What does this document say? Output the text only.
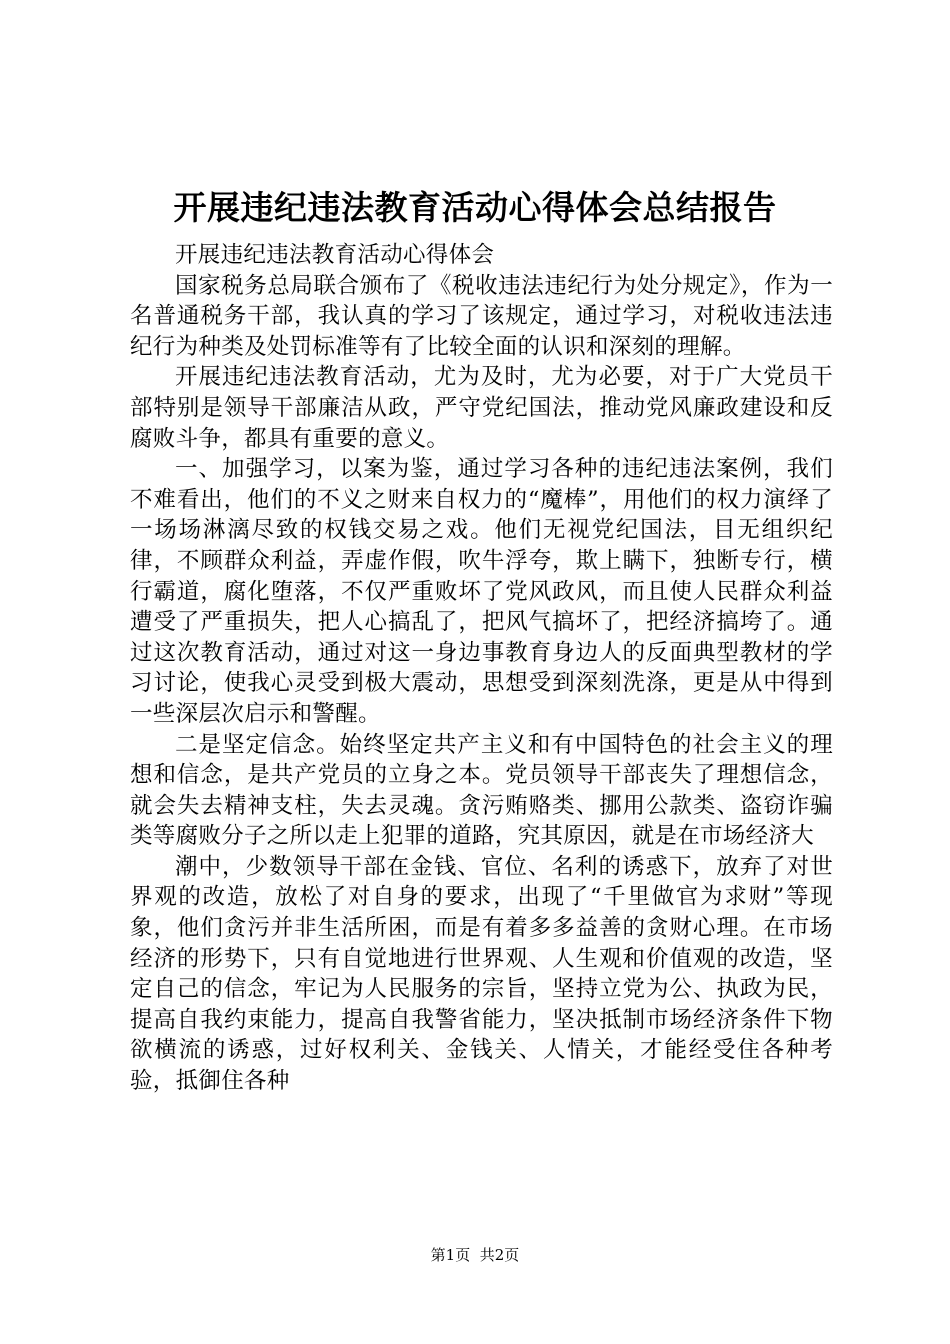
开展违纪违法教育活动心得体会总结报告

开展违纪违法教育活动心得体会

国家税务总局联合颁布了《税收违法违纪行为处分规定》，作为一名普通税务干部，我认真的学习了该规定，通过学习，对税收违法违纪行为种类及处罚标准等有了比较全面的认识和深刻的理解。

开展违纪违法教育活动，尤为及时，尤为必要，对于广大党员干部特别是领导干部廉洁从政，严守党纪国法，推动党风廉政建设和反腐败斗争，都具有重要的意义。

一、加强学习，以案为鉴，通过学习各种的违纪违法案例，我们不难看出，他们的不义之财来自权力的“魔棒”，用他们的权力演绎了一场场淋漓尽致的权钱交易之戏。他们无视党纪国法，目无组织纪律，不顾群众利益，弄虚作假，吹牛浮夸，欺上瞒下，独断专行，横行霸道，腐化堕落，不仅严重败坏了党风政风，而且使人民群众利益遭受了严重损失，把人心搞乱了，把风气搞坏了，把经济搞垮了。通过这次教育活动，通过对这一身边事教育身边人的反面典型教材的学习讨论，使我心灵受到极大震动，思想受到深刻洗涤，更是从中得到一些深层次启示和警醒。

二是坚定信念。始终坚定共产主义和有中国特色的社会主义的理想和信念，是共产党员的立身之本。党员领导干部丧失了理想信念，就会失去精神支柱，失去灵魂。贪污贿赂类、挪用公款类、盗窃诈骗类等腐败分子之所以走上犯罪的道路，究其原因，就是在市场经济大

潮中，少数领导干部在金钱、官位、名利的诱惑下，放弃了对世界观的改造，放松了对自身的要求，出现了“千里做官为求财”等现象，他们贪污并非生活所困，而是有着多多益善的贪财心理。在市场经济的形势下，只有自觉地进行世界观、人生观和价值观的改造，坚定自己的信念，牢记为人民服务的宗旨，坚持立党为公、执政为民，提高自我约束能力，提高自我警省能力，坚决抵制市场经济条件下物欲横流的诱惑，过好权利关、金钱关、人情关，才能经受住各种考验，抵御住各种

第1页 共2页
